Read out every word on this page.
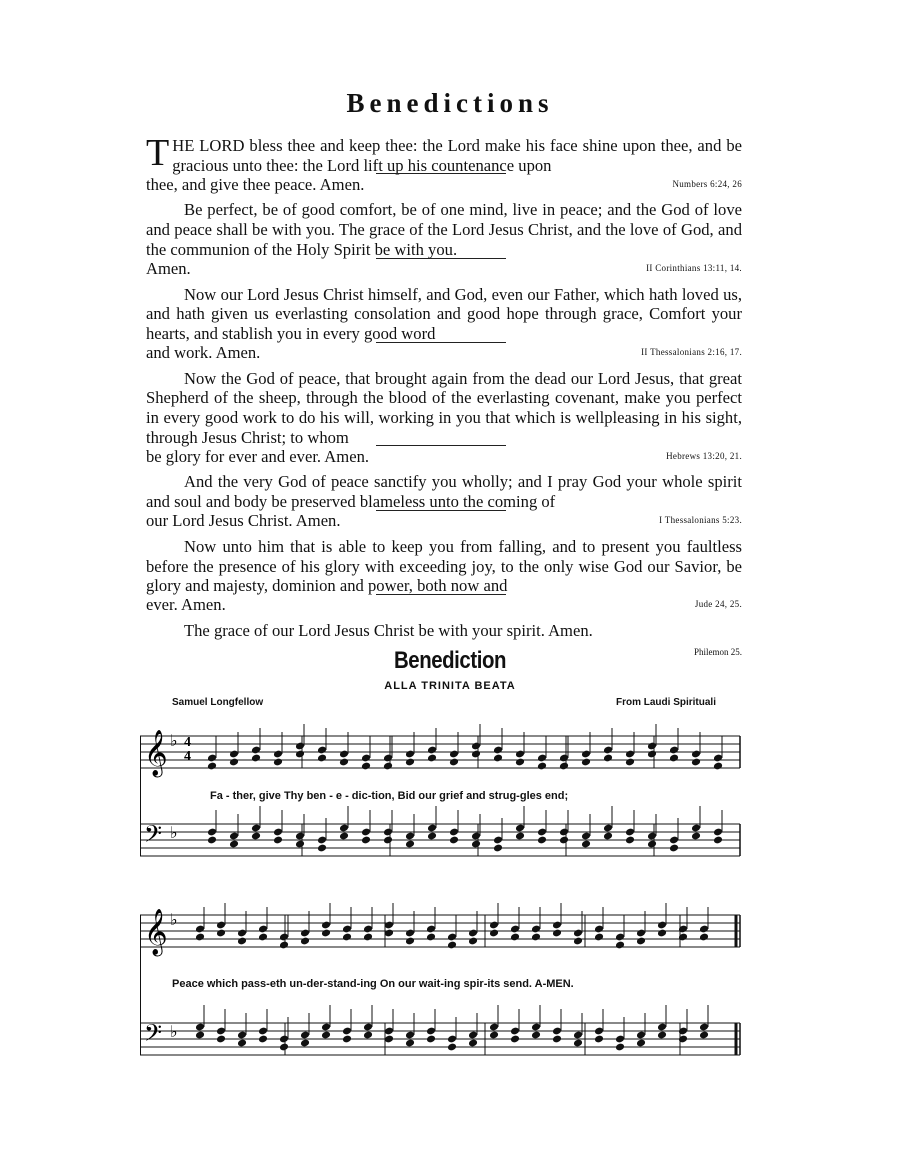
Benedictions
THE LORD bless thee and keep thee: the Lord make his face shine upon thee, and be gracious unto thee: the Lord lift up his countenance upon
thee, and give thee peace. Amen.	Numbers 6:24, 26
Be perfect, be of good comfort, be of one mind, live in peace; and the God of love and peace shall be with you. The grace of the Lord Jesus Christ, and the love of God, and the communion of the Holy Spirit be with you.
Amen.	II Corinthians 13:11, 14.
Now our Lord Jesus Christ himself, and God, even our Father, which hath loved us, and hath given us everlasting consolation and good hope through grace, Comfort your hearts, and stablish you in every good word
and work. Amen.	II Thessalonians 2:16, 17.
Now the God of peace, that brought again from the dead our Lord Jesus, that great Shepherd of the sheep, through the blood of the everlasting covenant, make you perfect in every good work to do his will, working in you that which is wellpleasing in his sight, through Jesus Christ; to whom
be glory for ever and ever. Amen.	Hebrews 13:20, 21.
And the very God of peace sanctify you wholly; and I pray God your whole spirit and soul and body be preserved blameless unto the coming of
our Lord Jesus Christ. Amen.	I Thessalonians 5:23.
Now unto him that is able to keep you from falling, and to present you faultless before the presence of his glory with exceeding joy, to the only wise God our Savior, be glory and majesty, dominion and power, both now and
ever. Amen.	Jude 24, 25.

The grace of our Lord Jesus Christ be with your spirit. Amen.

Philemon 25.
Benediction
ALLA TRINITA BEATA
Samuel Longfellow	From Laudi Spirituali
𝄞 ♭
4
4
𝄢 ♭
Fa - ther, give Thy ben - e - dic-tion, Bid our grief and strug-gles end;
𝄞 ♭
𝄢 ♭
Peace which pass-eth un-der-stand-ing On our wait-ing spir-its send. A-MEN.
